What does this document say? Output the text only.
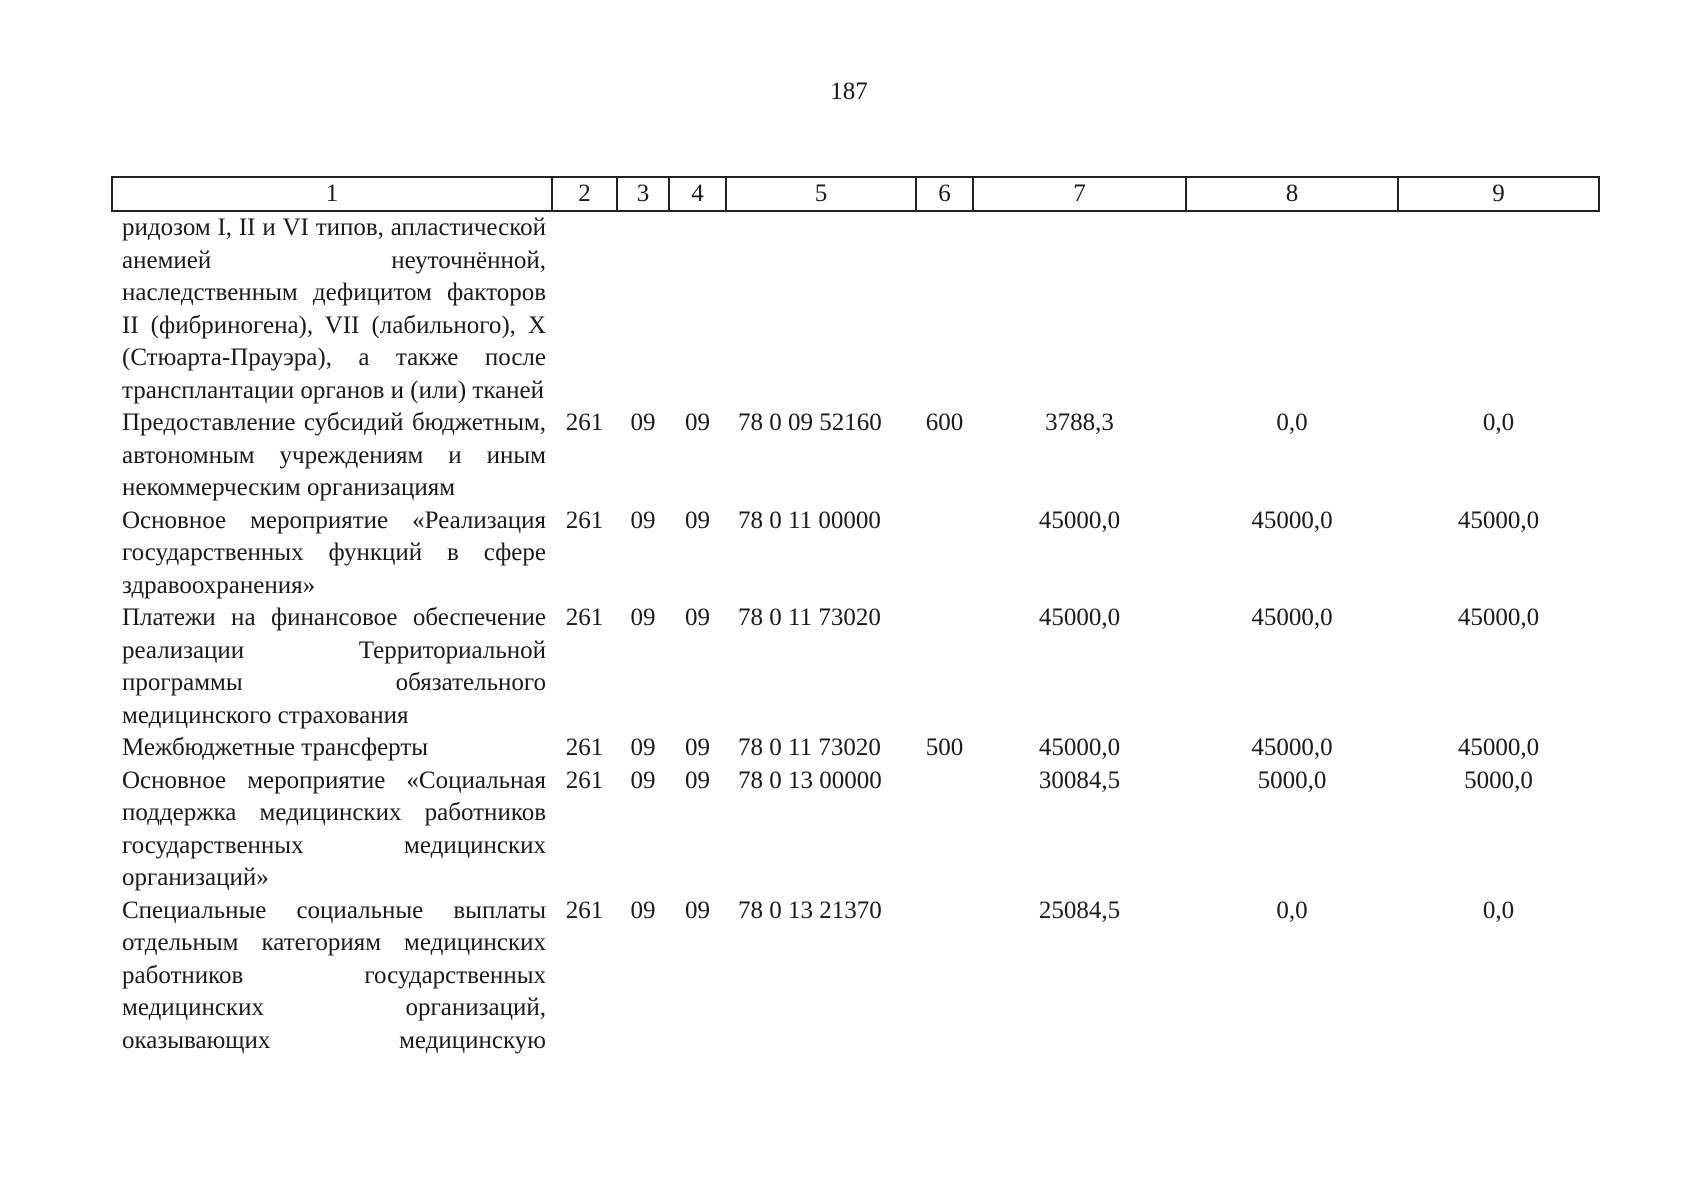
187
1	2	3	4	5	6	7	8	9
ридозом I, II и VI типов, апластической анемией неуточнённой, наследственным дефицитом факторов II (фибриногена), VII (лабильного), X (Стюарта-Прауэра), а также после трансплантации органов и (или) тканей								
Предоставление субсидий бюджетным, автономным учреждениям и иным некоммерческим организациям	261	09	09	78 0 09 52160	600	3788,3	0,0	0,0
Основное мероприятие «Реализация государственных функций в сфере здравоохранения»	261	09	09	78 0 11 00000		45000,0	45000,0	45000,0
Платежи на финансовое обеспечение реализации Территориальной программы обязательного медицинского страхования	261	09	09	78 0 11 73020		45000,0	45000,0	45000,0
Межбюджетные трансферты	261	09	09	78 0 11 73020	500	45000,0	45000,0	45000,0
Основное мероприятие «Социальная поддержка медицинских работников государственных медицинских организаций»	261	09	09	78 0 13 00000		30084,5	5000,0	5000,0
Специальные социальные выплаты отдельным категориям медицинских работников государственных медицинских организаций, оказывающих медицинскую	261	09	09	78 0 13 21370		25084,5	0,0	0,0
